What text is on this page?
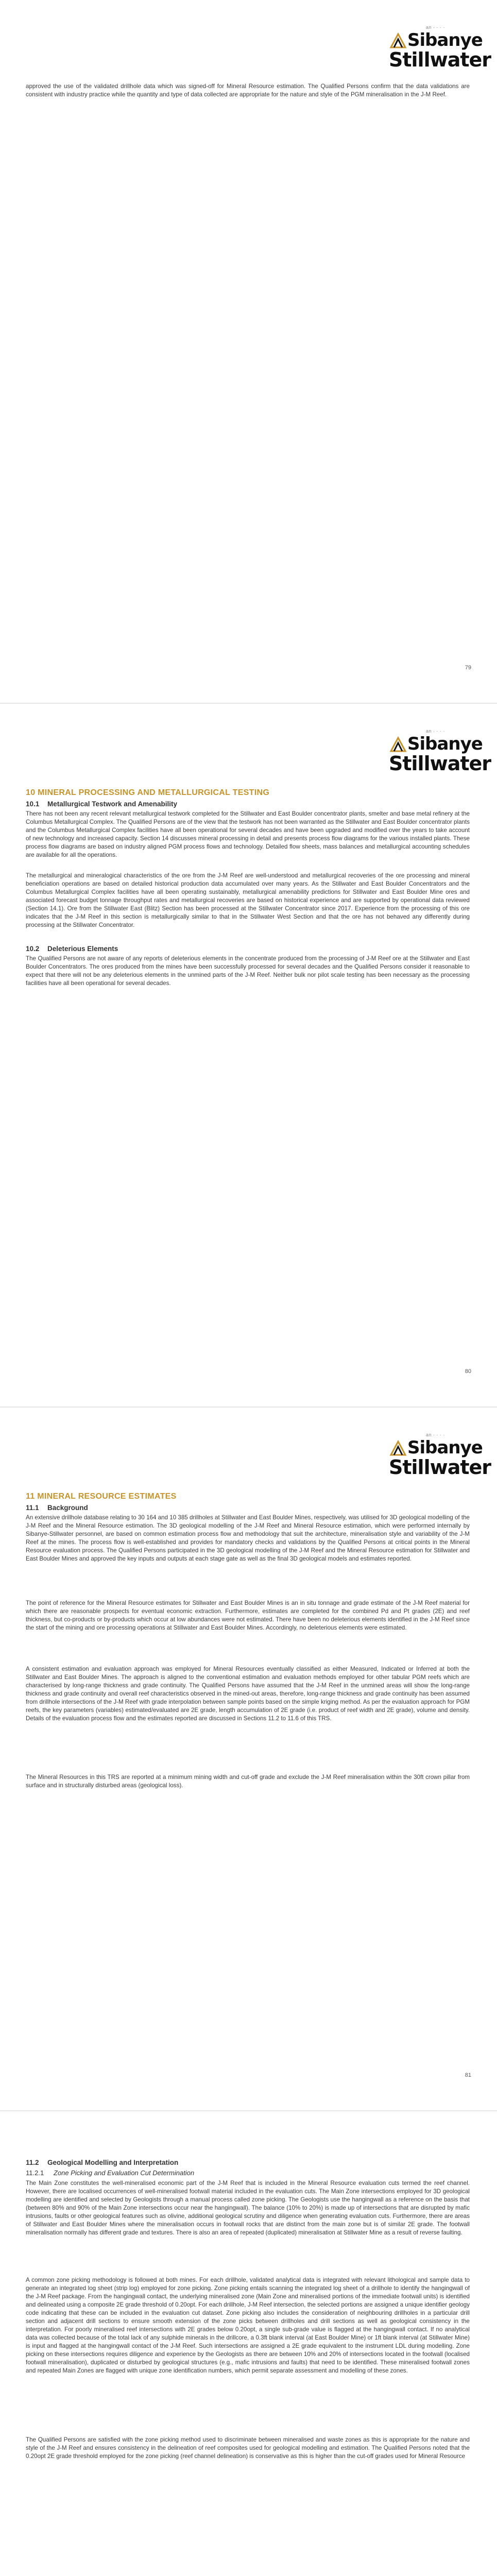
an · · · ·
Sibanye
Stillwater

approved the use of the validated drillhole data which was signed-off for Mineral Resource estimation. The Qualified Persons confirm that the data validations are consistent with industry practice while the quantity and type of data collected are appropriate for the nature and style of the PGM mineralisation in the J-M Reef.

79
an · · · ·
Sibanye
Stillwater
10 MINERAL PROCESSING AND METALLURGICAL TESTING
10.1 Metallurgical Testwork and Amenability

There has not been any recent relevant metallurgical testwork completed for the Stillwater and East Boulder concentrator plants, smelter and base metal refinery at the Columbus Metallurgical Complex. The Qualified Persons are of the view that the testwork has not been warranted as the Stillwater and East Boulder concentrator plants and the Columbus Metallurgical Complex facilities have all been operational for several decades and have been upgraded and modified over the years to take account of new technology and increased capacity. Section 14 discusses mineral processing in detail and presents process flow diagrams for the various installed plants. These process flow diagrams are based on industry aligned PGM process flows and technology. Detailed flow sheets, mass balances and metallurgical accounting schedules are available for all the operations.

The metallurgical and mineralogical characteristics of the ore from the J-M Reef are well-understood and metallurgical recoveries of the ore processing and mineral beneficiation operations are based on detailed historical production data accumulated over many years. As the Stillwater and East Boulder Concentrators and the Columbus Metallurgical Complex facilities have all been operating sustainably, metallurgical amenability predictions for Stillwater and East Boulder Mine ores and associated forecast budget tonnage throughput rates and metallurgical recoveries are based on historical experience and are supported by operational data reviewed (Section 14.1). Ore from the Stillwater East (Blitz) Section has been processed at the Stillwater Concentrator since 2017. Experience from the processing of this ore indicates that the J-M Reef in this section is metallurgically similar to that in the Stillwater West Section and that the ore has not behaved any differently during processing at the Stillwater Concentrator.

10.2 Deleterious Elements

The Qualified Persons are not aware of any reports of deleterious elements in the concentrate produced from the processing of J-M Reef ore at the Stillwater and East Boulder Concentrators. The ores produced from the mines have been successfully processed for several decades and the Qualified Persons consider it reasonable to expect that there will not be any deleterious elements in the unmined parts of the J-M Reef. Neither bulk nor pilot scale testing has been necessary as the processing facilities have all been operational for several decades.

80
an · · · ·
Sibanye
Stillwater
11 MINERAL RESOURCE ESTIMATES
11.1 Background

An extensive drillhole database relating to 30 164 and 10 385 drillholes at Stillwater and East Boulder Mines, respectively, was utilised for 3D geological modelling of the J-M Reef and the Mineral Resource estimation. The 3D geological modelling of the J-M Reef and Mineral Resource estimation, which were performed internally by Sibanye-Stillwater personnel, are based on common estimation process flow and methodology that suit the architecture, mineralisation style and variability of the J-M Reef at the mines. The process flow is well-established and provides for mandatory checks and validations by the Qualified Persons at critical points in the Mineral Resource evaluation process. The Qualified Persons participated in the 3D geological modelling of the J-M Reef and the Mineral Resource estimation for Stillwater and East Boulder Mines and approved the key inputs and outputs at each stage gate as well as the final 3D geological models and estimates reported.

The point of reference for the Mineral Resource estimates for Stillwater and East Boulder Mines is an in situ tonnage and grade estimate of the J-M Reef material for which there are reasonable prospects for eventual economic extraction. Furthermore, estimates are completed for the combined Pd and Pt grades (2E) and reef thickness, but co-products or by-products which occur at low abundances were not estimated. There have been no deleterious elements identified in the J-M Reef since the start of the mining and ore processing operations at Stillwater and East Boulder Mines. Accordingly, no deleterious elements were estimated.

A consistent estimation and evaluation approach was employed for Mineral Resources eventually classified as either Measured, Indicated or Inferred at both the Stillwater and East Boulder Mines. The approach is aligned to the conventional estimation and evaluation methods employed for other tabular PGM reefs which are characterised by long-range thickness and grade continuity. The Qualified Persons have assumed that the J-M Reef in the unmined areas will show the long-range thickness and grade continuity and overall reef characteristics observed in the mined-out areas, therefore, long-range thickness and grade continuity has been assumed from drillhole intersections of the J-M Reef with grade interpolation between sample points based on the simple kriging method. As per the evaluation approach for PGM reefs, the key parameters (variables) estimated/evaluated are 2E grade, length accumulation of 2E grade (i.e. product of reef width and 2E grade), volume and density. Details of the evaluation process flow and the estimates reported are discussed in Sections 11.2 to 11.6 of this TRS.

The Mineral Resources in this TRS are reported at a minimum mining width and cut-off grade and exclude the J-M Reef mineralisation within the 30ft crown pillar from surface and in structurally disturbed areas (geological loss).

81
11.2 Geological Modelling and Interpretation
11.2.1 Zone Picking and Evaluation Cut Determination

The Main Zone constitutes the well-mineralised economic part of the J-M Reef that is included in the Mineral Resource evaluation cuts termed the reef channel. However, there are localised occurrences of well-mineralised footwall material included in the evaluation cuts. The Main Zone intersections employed for 3D geological modelling are identified and selected by Geologists through a manual process called zone picking. The Geologists use the hangingwall as a reference on the basis that (between 80% and 90% of the Main Zone intersections occur near the hangingwall). The balance (10% to 20%) is made up of intersections that are disrupted by mafic intrusions, faults or other geological features such as olivine, additional geological scrutiny and diligence when generating evaluation cuts. Furthermore, there are areas of Stillwater and East Boulder Mines where the mineralisation occurs in footwall rocks that are distinct from the main zone but is of similar 2E grade. The footwall mineralisation normally has different grade and textures. There is also an area of repeated (duplicated) mineralisation at Stillwater Mine as a result of reverse faulting.

A common zone picking methodology is followed at both mines. For each drillhole, validated analytical data is integrated with relevant lithological and sample data to generate an integrated log sheet (strip log) employed for zone picking. Zone picking entails scanning the integrated log sheet of a drillhole to identify the hangingwall of the J-M Reef package. From the hangingwall contact, the underlying mineralised zone (Main Zone and mineralised portions of the immediate footwall units) is identified and delineated using a composite 2E grade threshold of 0.20opt. For each drillhole, J-M Reef intersection, the selected portions are assigned a unique identifier geology code indicating that these can be included in the evaluation cut dataset. Zone picking also includes the consideration of neighbouring drillholes in a particular drill section and adjacent drill sections to ensure smooth extension of the zone picks between drillholes and drill sections as well as geological consistency in the interpretation. For poorly mineralised reef intersections with 2E grades below 0.20opt, a single sub-grade value is flagged at the hangingwall contact. If no analytical data was collected because of the total lack of any sulphide minerals in the drillcore, a 0.3ft blank interval (at East Boulder Mine) or 1ft blank interval (at Stillwater Mine) is input and flagged at the hangingwall contact of the J-M Reef. Such intersections are assigned a 2E grade equivalent to the instrument LDL during modelling. Zone picking on these intersections requires diligence and experience by the Geologists as there are between 10% and 20% of intersections located in the footwall (localised footwall mineralisation), duplicated or disturbed by geological structures (e.g., mafic intrusions and faults) that need to be identified. These mineralised footwall zones and repeated Main Zones are flagged with unique zone identification numbers, which permit separate assessment and modelling of these zones.

The Qualified Persons are satisfied with the zone picking method used to discriminate between mineralised and waste zones as this is appropriate for the nature and style of the J-M Reef and ensures consistency in the delineation of reef composites used for geological modelling and estimation. The Qualified Persons noted that the 0.20opt 2E grade threshold employed for the zone picking (reef channel delineation) is conservative as this is higher than the cut-off grades used for Mineral Resource
